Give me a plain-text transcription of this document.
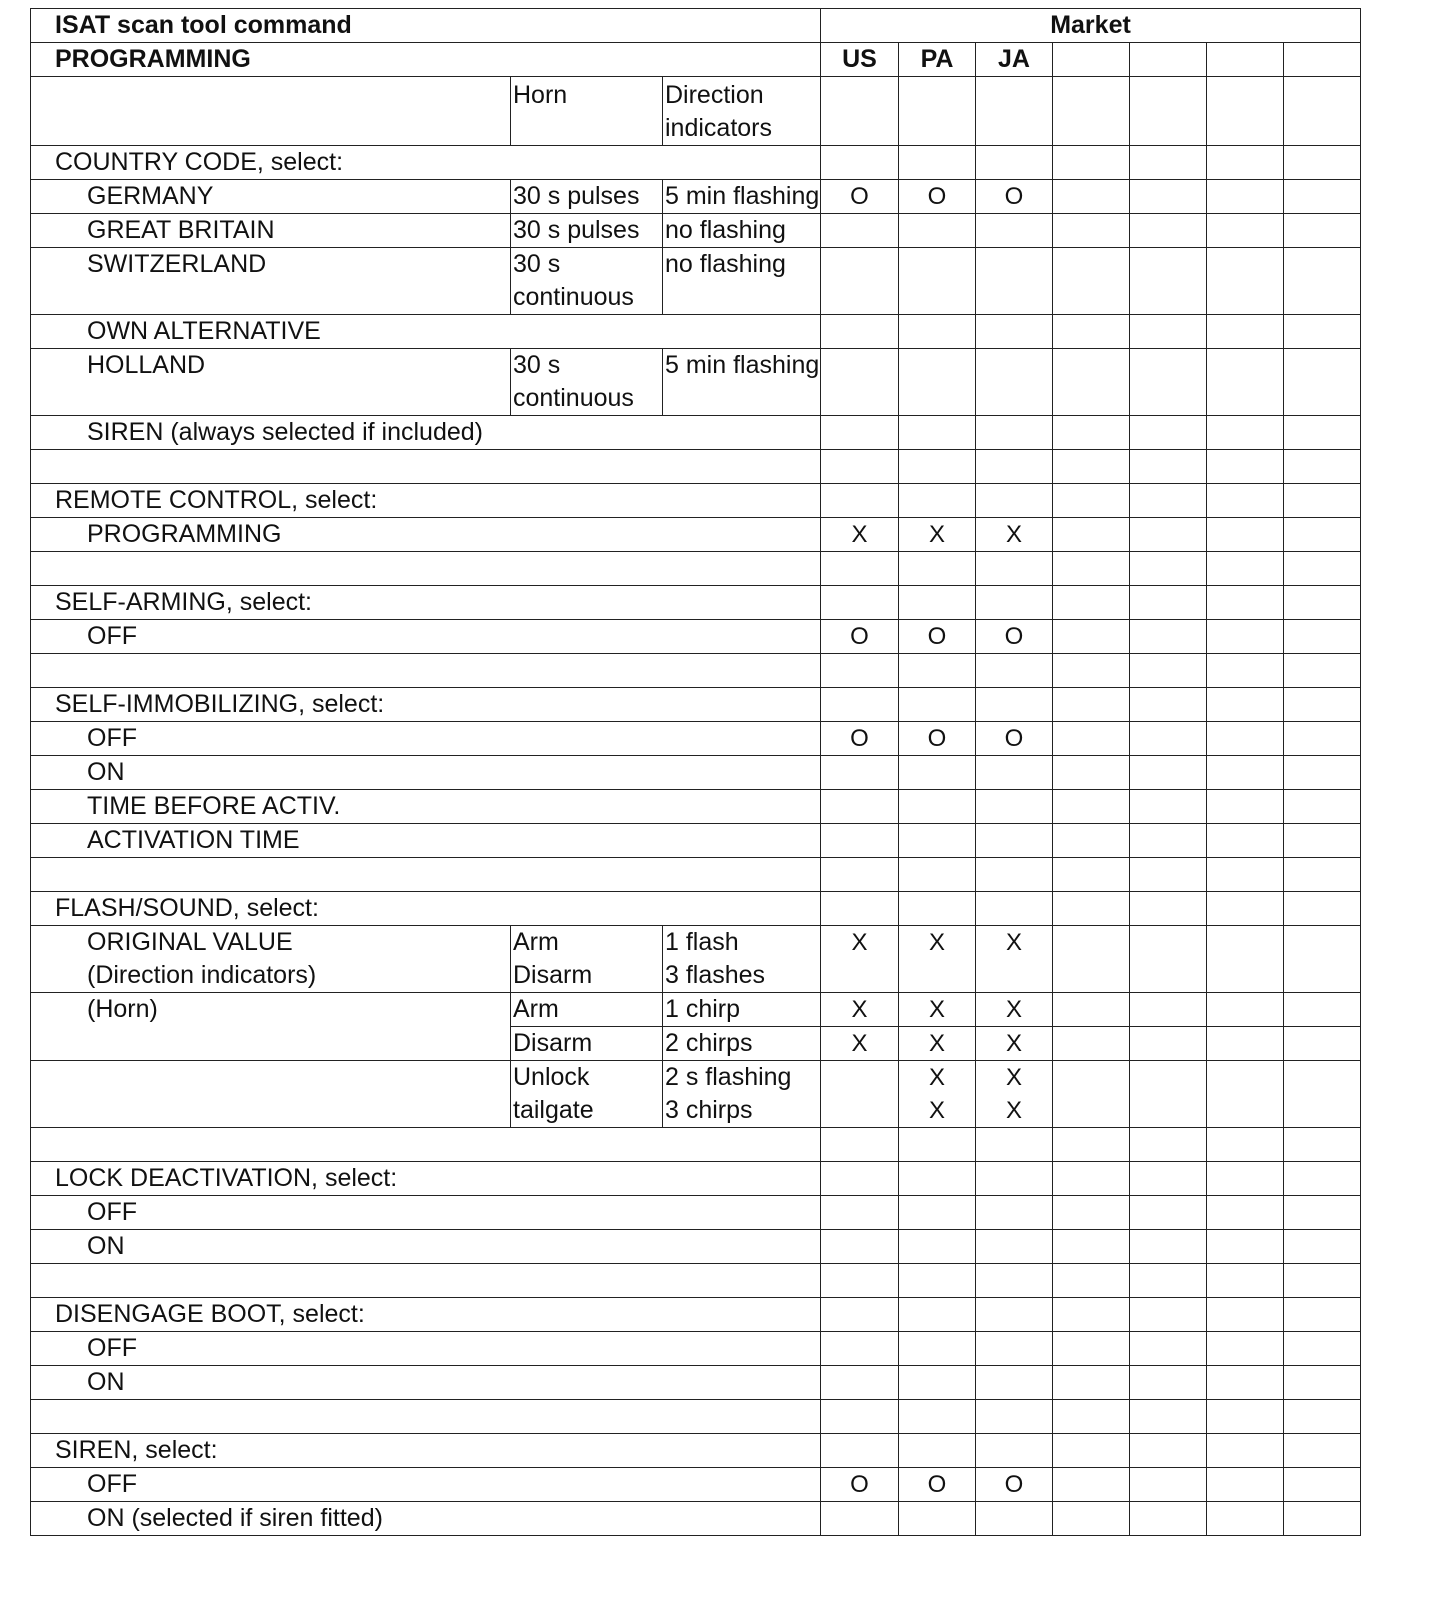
ISAT scan tool command			Market						
PROGRAMMING			US	PA	JA				
	Horn	Direction indicators							
COUNTRY CODE, select:									
GERMANY	30 s pulses	5 min flashing	O	O	O				
GREAT BRITAIN	30 s pulses	no flashing							
SWITZERLAND	30 s continuous	no flashing							
OWN ALTERNATIVE									
HOLLAND	30 s continuous	5 min flashing							
SIREN (always selected if included)									

REMOTE CONTROL, select:									
PROGRAMMING			X	X	X				

SELF-ARMING, select:									
OFF			O	O	O				

SELF-IMMOBILIZING, select:									
OFF			O	O	O				
ON									
TIME BEFORE ACTIV.									
ACTIVATION TIME									

FLASH/SOUND, select:									
ORIGINAL VALUE	Arm	1 flash	X	X	X				
(Direction indicators)	Disarm	3 flashes							
(Horn)	Arm	1 chirp	X	X	X				
	Disarm	2 chirps	X	X	X				
	Unlock	2 s flashing		X	X				
	tailgate	3 chirps		X	X				

LOCK DEACTIVATION, select:									
OFF									
ON									

DISENGAGE BOOT, select:									
OFF									
ON									

SIREN, select:									
OFF			O	O	O				
ON (selected if siren fitted)									
